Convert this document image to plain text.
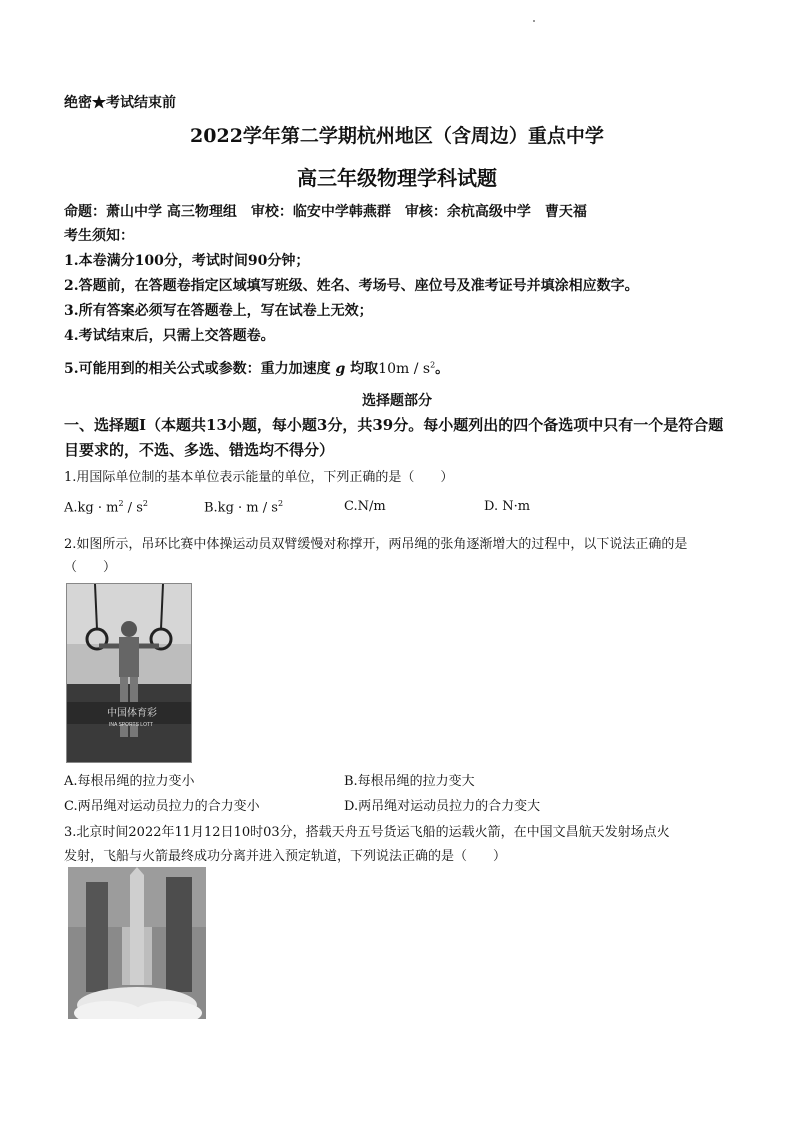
绝密★考试结束前
2022学年第二学期杭州地区（含周边）重点中学
高三年级物理学科试题
命题：萧山中学 高三物理组　审校：临安中学韩燕群　审核：余杭高级中学　曹天福
考生须知：
1.本卷满分100分，考试时间90分钟；
2.答题前，在答题卷指定区域填写班级、姓名、考场号、座位号及准考证号并填涂相应数字。
3.所有答案必须写在答题卷上，写在试卷上无效；
4.考试结束后，只需上交答题卷。
5.可能用到的相关公式或参数：重力加速度 g 均取$10m / s^2$。
选择题部分
一、选择题Ⅰ（本题共13小题，每小题3分，共39分。每小题列出的四个备选项中只有一个是符合题目要求的，不选、多选、错选均不得分）
1.用国际单位制的基本单位表示能量的单位，下列正确的是（　　）
$A.kg \cdot m^2 / s^2$	$B.kg \cdot m / s^2$	C.N/m	D. N·m
2.如图所示，吊环比赛中体操运动员双臂缓慢对称撑开，两吊绳的张角逐渐增大的过程中，以下说法正确的是
（　　）
中国体育彩
INA SPORTS LOTT
A.每根吊绳的拉力变小	B.每根吊绳的拉力变大
C.两吊绳对运动员拉力的合力变小	D.两吊绳对运动员拉力的合力变大
3.北京时间2022年11月12日10时03分，搭载天舟五号货运飞船的运载火箭，在中国文昌航天发射场点火
发射，飞船与火箭最终成功分离并进入预定轨道，下列说法正确的是（　　）
